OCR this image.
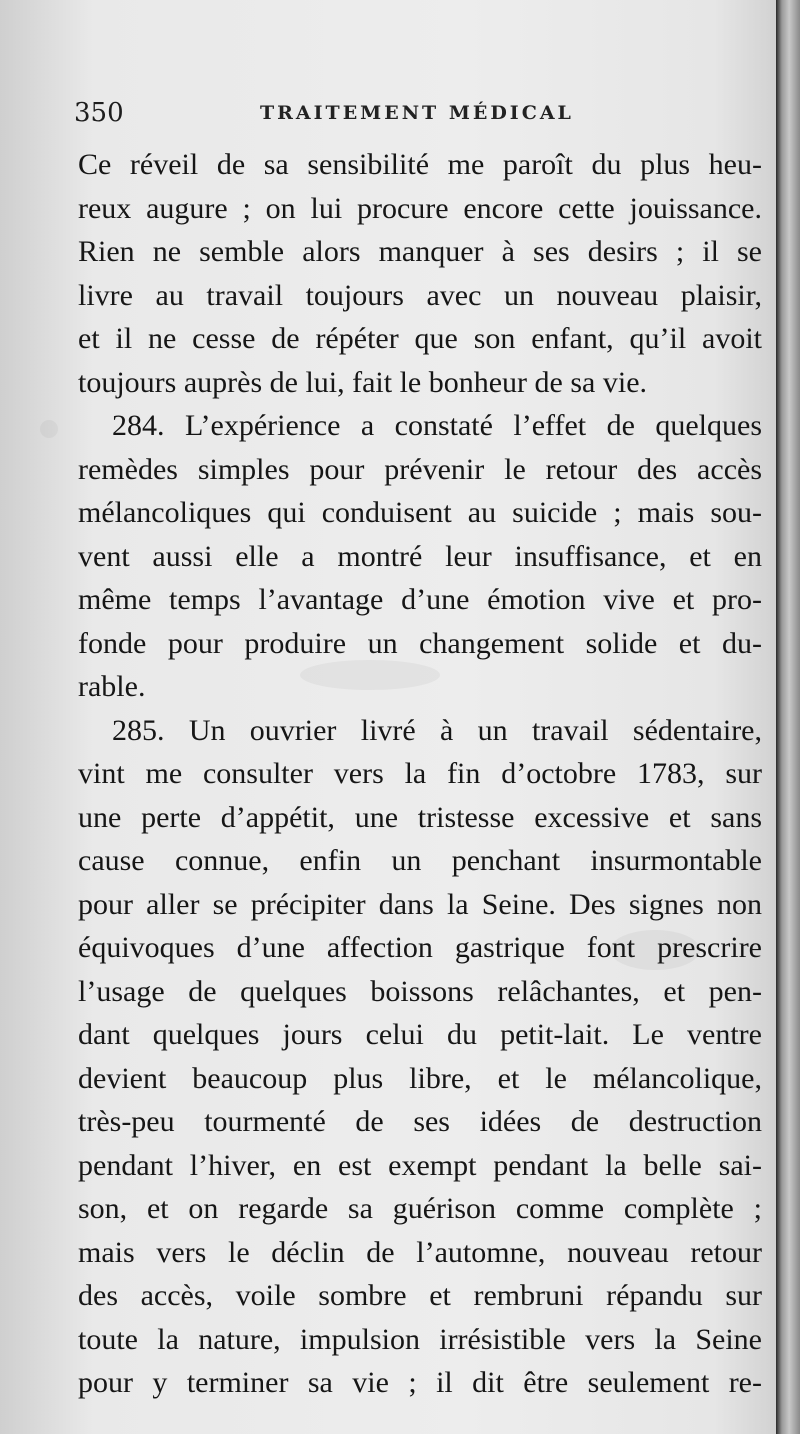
350	TRAITEMENT MÉDICAL
Ce réveil de sa sensibilité me paroît du plus heu-
reux augure ; on lui procure encore cette jouissance.
Rien ne semble alors manquer à ses desirs ; il se
livre au travail toujours avec un nouveau plaisir,
et il ne cesse de répéter que son enfant, qu’il avoit
toujours auprès de lui, fait le bonheur de sa vie.
284. L’expérience a constaté l’effet de quelques
remèdes simples pour prévenir le retour des accès
mélancoliques qui conduisent au suicide ; mais sou-
vent aussi elle a montré leur insuffisance, et en
même temps l’avantage d’une émotion vive et pro-
fonde pour produire un changement solide et du-
rable.
285. Un ouvrier livré à un travail sédentaire,
vint me consulter vers la fin d’octobre 1783, sur
une perte d’appétit, une tristesse excessive et sans
cause connue, enfin un penchant insurmontable
pour aller se précipiter dans la Seine. Des signes non
équivoques d’une affection gastrique font prescrire
l’usage de quelques boissons relâchantes, et pen-
dant quelques jours celui du petit-lait. Le ventre
devient beaucoup plus libre, et le mélancolique,
très-peu tourmenté de ses idées de destruction
pendant l’hiver, en est exempt pendant la belle sai-
son, et on regarde sa guérison comme complète ;
mais vers le déclin de l’automne, nouveau retour
des accès, voile sombre et rembruni répandu sur
toute la nature, impulsion irrésistible vers la Seine
pour y terminer sa vie ; il dit être seulement re-
